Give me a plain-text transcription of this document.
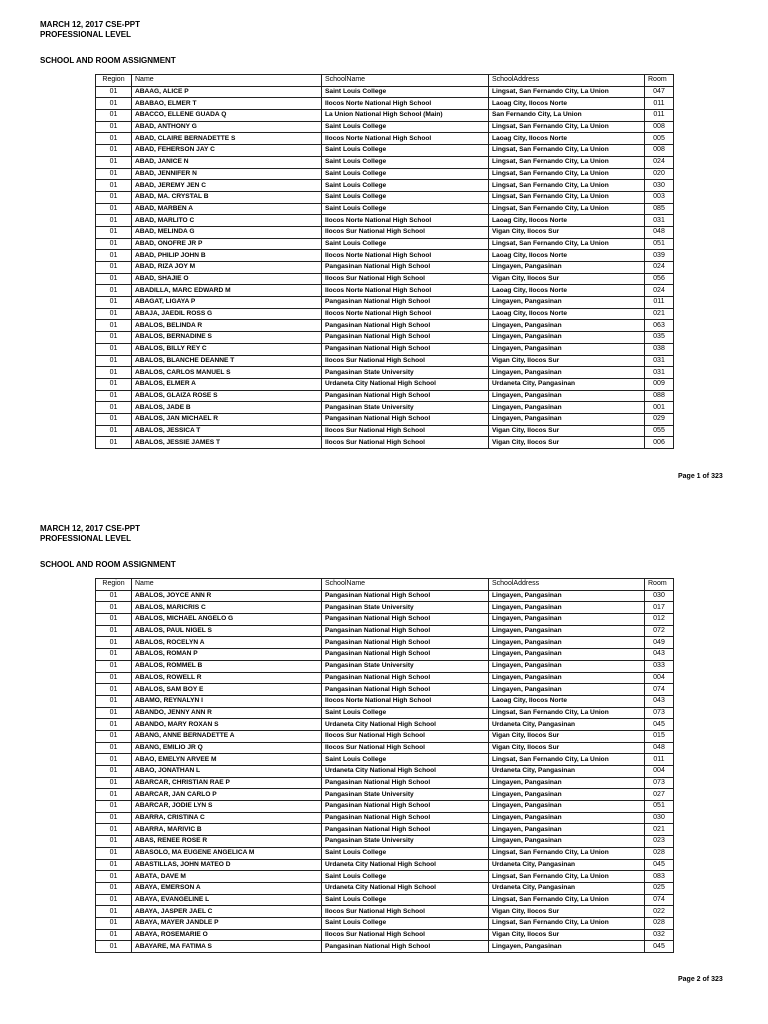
MARCH 12, 2017 CSE-PPT
PROFESSIONAL LEVEL
SCHOOL AND ROOM ASSIGNMENT
Region	Name	SchoolName	SchoolAddress	Room
01	ABAAG, ALICE P	Saint Louis College	Lingsat, San Fernando City, La Union	047
01	ABABAO, ELMER T	Ilocos Norte National High School	Laoag City, Ilocos Norte	011
01	ABACCO, ELLENE GUADA Q	La Union National High School (Main)	San Fernando City, La Union	011
01	ABAD, ANTHONY G	Saint Louis College	Lingsat, San Fernando City, La Union	008
01	ABAD, CLAIRE BERNADETTE S	Ilocos Norte National High School	Laoag City, Ilocos Norte	005
01	ABAD, FEHERSON JAY C	Saint Louis College	Lingsat, San Fernando City, La Union	008
01	ABAD, JANICE N	Saint Louis College	Lingsat, San Fernando City, La Union	024
01	ABAD, JENNIFER N	Saint Louis College	Lingsat, San Fernando City, La Union	020
01	ABAD, JEREMY JEN C	Saint Louis College	Lingsat, San Fernando City, La Union	030
01	ABAD, MA. CRYSTAL B	Saint Louis College	Lingsat, San Fernando City, La Union	003
01	ABAD, MARBEN A	Saint Louis College	Lingsat, San Fernando City, La Union	085
01	ABAD, MARLITO C	Ilocos Norte National High School	Laoag City, Ilocos Norte	031
01	ABAD, MELINDA G	Ilocos Sur National High School	Vigan City, Ilocos Sur	048
01	ABAD, ONOFRE JR P	Saint Louis College	Lingsat, San Fernando City, La Union	051
01	ABAD, PHILIP JOHN B	Ilocos Norte National High School	Laoag City, Ilocos Norte	039
01	ABAD, RIZA JOY M	Pangasinan National High School	Lingayen, Pangasinan	024
01	ABAD, SHAJIE O	Ilocos Sur National High School	Vigan City, Ilocos Sur	056
01	ABADILLA, MARC EDWARD M	Ilocos Norte National High School	Laoag City, Ilocos Norte	024
01	ABAGAT, LIGAYA P	Pangasinan National High School	Lingayen, Pangasinan	011
01	ABAJA, JAEDIL ROSS G	Ilocos Norte National High School	Laoag City, Ilocos Norte	021
01	ABALOS, BELINDA R	Pangasinan National High School	Lingayen, Pangasinan	063
01	ABALOS, BERNADINE S	Pangasinan National High School	Lingayen, Pangasinan	035
01	ABALOS, BILLY REY C	Pangasinan National High School	Lingayen, Pangasinan	038
01	ABALOS, BLANCHE DEANNE T	Ilocos Sur National High School	Vigan City, Ilocos Sur	031
01	ABALOS, CARLOS MANUEL S	Pangasinan State University	Lingayen, Pangasinan	031
01	ABALOS, ELMER A	Urdaneta City National High School	Urdaneta City, Pangasinan	009
01	ABALOS, GLAIZA ROSE S	Pangasinan National High School	Lingayen, Pangasinan	088
01	ABALOS, JADE B	Pangasinan State University	Lingayen, Pangasinan	001
01	ABALOS, JAN MICHAEL R	Pangasinan National High School	Lingayen, Pangasinan	029
01	ABALOS, JESSICA T	Ilocos Sur National High School	Vigan City, Ilocos Sur	055
01	ABALOS, JESSIE JAMES T	Ilocos Sur National High School	Vigan City, Ilocos Sur	006
Page 1 of 323
MARCH 12, 2017 CSE-PPT
PROFESSIONAL LEVEL
SCHOOL AND ROOM ASSIGNMENT
Region	Name	SchoolName	SchoolAddress	Room
01	ABALOS, JOYCE ANN R	Pangasinan National High School	Lingayen, Pangasinan	030
01	ABALOS, MARICRIS C	Pangasinan State University	Lingayen, Pangasinan	017
01	ABALOS, MICHAEL ANGELO G	Pangasinan National High School	Lingayen, Pangasinan	012
01	ABALOS, PAUL NIGEL S	Pangasinan National High School	Lingayen, Pangasinan	072
01	ABALOS, ROCELYN A	Pangasinan National High School	Lingayen, Pangasinan	049
01	ABALOS, ROMAN P	Pangasinan National High School	Lingayen, Pangasinan	043
01	ABALOS, ROMMEL B	Pangasinan State University	Lingayen, Pangasinan	033
01	ABALOS, ROWELL R	Pangasinan National High School	Lingayen, Pangasinan	004
01	ABALOS, SAM BOY E	Pangasinan National High School	Lingayen, Pangasinan	074
01	ABAMO, REYNALYN I	Ilocos Norte National High School	Laoag City, Ilocos Norte	043
01	ABANDO, JENNY ANN R	Saint Louis College	Lingsat, San Fernando City, La Union	073
01	ABANDO, MARY ROXAN S	Urdaneta City National High School	Urdaneta City, Pangasinan	045
01	ABANG, ANNE BERNADETTE A	Ilocos Sur National High School	Vigan City, Ilocos Sur	015
01	ABANG, EMILIO JR Q	Ilocos Sur National High School	Vigan City, Ilocos Sur	048
01	ABAO, EMELYN ARVEE M	Saint Louis College	Lingsat, San Fernando City, La Union	011
01	ABAO, JONATHAN L	Urdaneta City National High School	Urdaneta City, Pangasinan	004
01	ABARCAR, CHRISTIAN RAE P	Pangasinan National High School	Lingayen, Pangasinan	073
01	ABARCAR, JAN CARLO P	Pangasinan State University	Lingayen, Pangasinan	027
01	ABARCAR, JODIE LYN S	Pangasinan National High School	Lingayen, Pangasinan	051
01	ABARRA, CRISTINA C	Pangasinan National High School	Lingayen, Pangasinan	030
01	ABARRA, MARIVIC B	Pangasinan National High School	Lingayen, Pangasinan	021
01	ABAS, RENEE ROSE R	Pangasinan State University	Lingayen, Pangasinan	023
01	ABASOLO, MA EUGENE ANGELICA M	Saint Louis College	Lingsat, San Fernando City, La Union	028
01	ABASTILLAS, JOHN MATEO D	Urdaneta City National High School	Urdaneta City, Pangasinan	045
01	ABATA, DAVE M	Saint Louis College	Lingsat, San Fernando City, La Union	083
01	ABAYA, EMERSON A	Urdaneta City National High School	Urdaneta City, Pangasinan	025
01	ABAYA, EVANGELINE L	Saint Louis College	Lingsat, San Fernando City, La Union	074
01	ABAYA, JASPER JAEL C	Ilocos Sur National High School	Vigan City, Ilocos Sur	022
01	ABAYA, MAYER JANDLE P	Saint Louis College	Lingsat, San Fernando City, La Union	028
01	ABAYA, ROSEMARIE O	Ilocos Sur National High School	Vigan City, Ilocos Sur	032
01	ABAYARE, MA FATIMA S	Pangasinan National High School	Lingayen, Pangasinan	045
Page 2 of 323
